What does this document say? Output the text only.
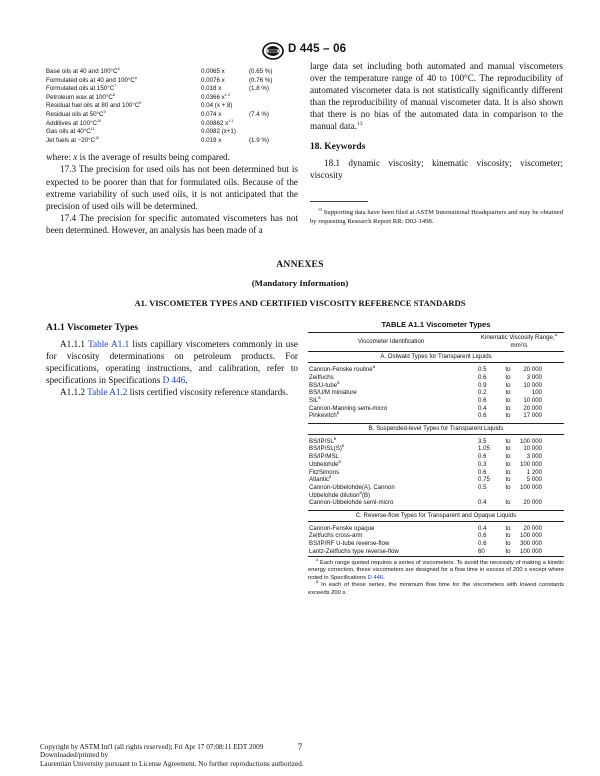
D 445 – 06
Base oils at 40 and $100^\circ C^6$	0.0065 x	(0.65 %)
Formulated oils at 40 and $100^\circ C^6$	0.0076 x	(0.76 %)
Formulated oils at $150^\circ C^7$	0.018 x	(1.8 %)
Petroleum wax at $100^\circ C^8$	0.0366 $x^{1.2}$	
Residual fuel oils at 80 and $100^\circ C^9$	0.04 (x + 8)	
Residual oils at $50^\circ C^9$	0.074 x	(7.4 %)
Additives at $100^\circ C^{10}$	0.00862 $x^{1.1}$	
Gas oils at $40^\circ C^{11}$	0.0082 (x+1)	
Jet fuels at $-20^\circ C^{12}$	0.019 x	(1.9 %)

where: x is the average of results being compared.

17.3 The precision for used oils has not been determined but is expected to be poorer than that for formulated oils. Because of the extreme variability of such used oils, it is not anticipated that the precision of used oils will be determined.

17.4 The precision for specific automated viscometers has not been determined. However, an analysis has been made of a

large data set including both automated and manual viscometers over the temperature range of 40 to 100°C. The reproducibility of automated viscometer data is not statistically significantly different than the reproducibility of manual viscometer data. It is also shown that there is no bias of the automated data in comparison to the manual data.$^{13}$

18. Keywords

18.1 dynamic viscosity; kinematic viscosity; viscometer; viscosity

$^{13}$ Supporting data have been filed at ASTM International Headquarters and may be obtained by requesting Research Report RR: D02-1498.
ANNEXES
(Mandatory Information)
A1. VISCOMETER TYPES AND CERTIFIED VISCOSITY REFERENCE STANDARDS
A1.1 Viscometer Types

A1.1.1 Table A1.1 lists capillary viscometers commonly in use for viscosity determinations on petroleum products. For specifications, operating instructions, and calibration, refer to specifications in Specifications D 446.

A1.1.2 Table A1.2 lists certified viscosity reference standards.

TABLE A1.1 Viscometer Types
Viscometer Identification	Kinematic Viscosity Range,$^A$ mm²/s		
A. Ostwald Types for Transparent Liquids			

Cannon-Fenske routine$^B$	0.5	to	20 000
Zeitfuchs	0.6	to	3 000
BS/U-tube$^B$	0.9	to	10 000
BS/U/M miniature	0.2	to	100
$SIL^B$	0.6	to	10 000
Cannon-Manning semi-micro	0.4	to	20 000
Pinkevitch$^B$	0.6	to	17 000

B. Suspended-level Types for Transparent Liquids			

$BS/IP/SL^B$	3.5	to	100 000
$BS/IP/SL(S)^B$	1.05	to	10 000
BS/IP/MSL	0.6	to	3 000
Ubbelohde$^B$	0.3	to	100 000
FitzSimons	0.6	to	1 200
Atlantic$^B$	0.75	to	5 000
Cannon-Ubbelohde(A), Cannon	0.5	to	100 000
Ubbelohde dilution$^B$(B)			
Cannon-Ubbelohde semi-micro	0.4	to	20 000

C. Reverse-flow Types for Transparent and Opaque Liquids			

Cannon-Fenske opaque	0.4	to	20 000
Zeitfuchs cross-arm	0.6	to	100 000
BS/IP/RF U-tube reverse-flow	0.6	to	300 000
Lantz-Zeitfuchs type reverse-flow	60	to	100 000

$^A$ Each range quoted requires a series of viscometers. To avoid the necessity of making a kinetic energy correction, these viscometers are designed for a flow time in excess of 200 s except where noted in Specifications D 446.

$^B$ In each of these series, the minimum flow time for the viscometers with lowest constants exceeds 200 s.

7
Copyright by ASTM Int'l (all rights reserved); Fri Apr 17 07:08:11 EDT 2009
Downloaded/printed by
Laurentian University pursuant to License Agreement. No further reproductions authorized.
